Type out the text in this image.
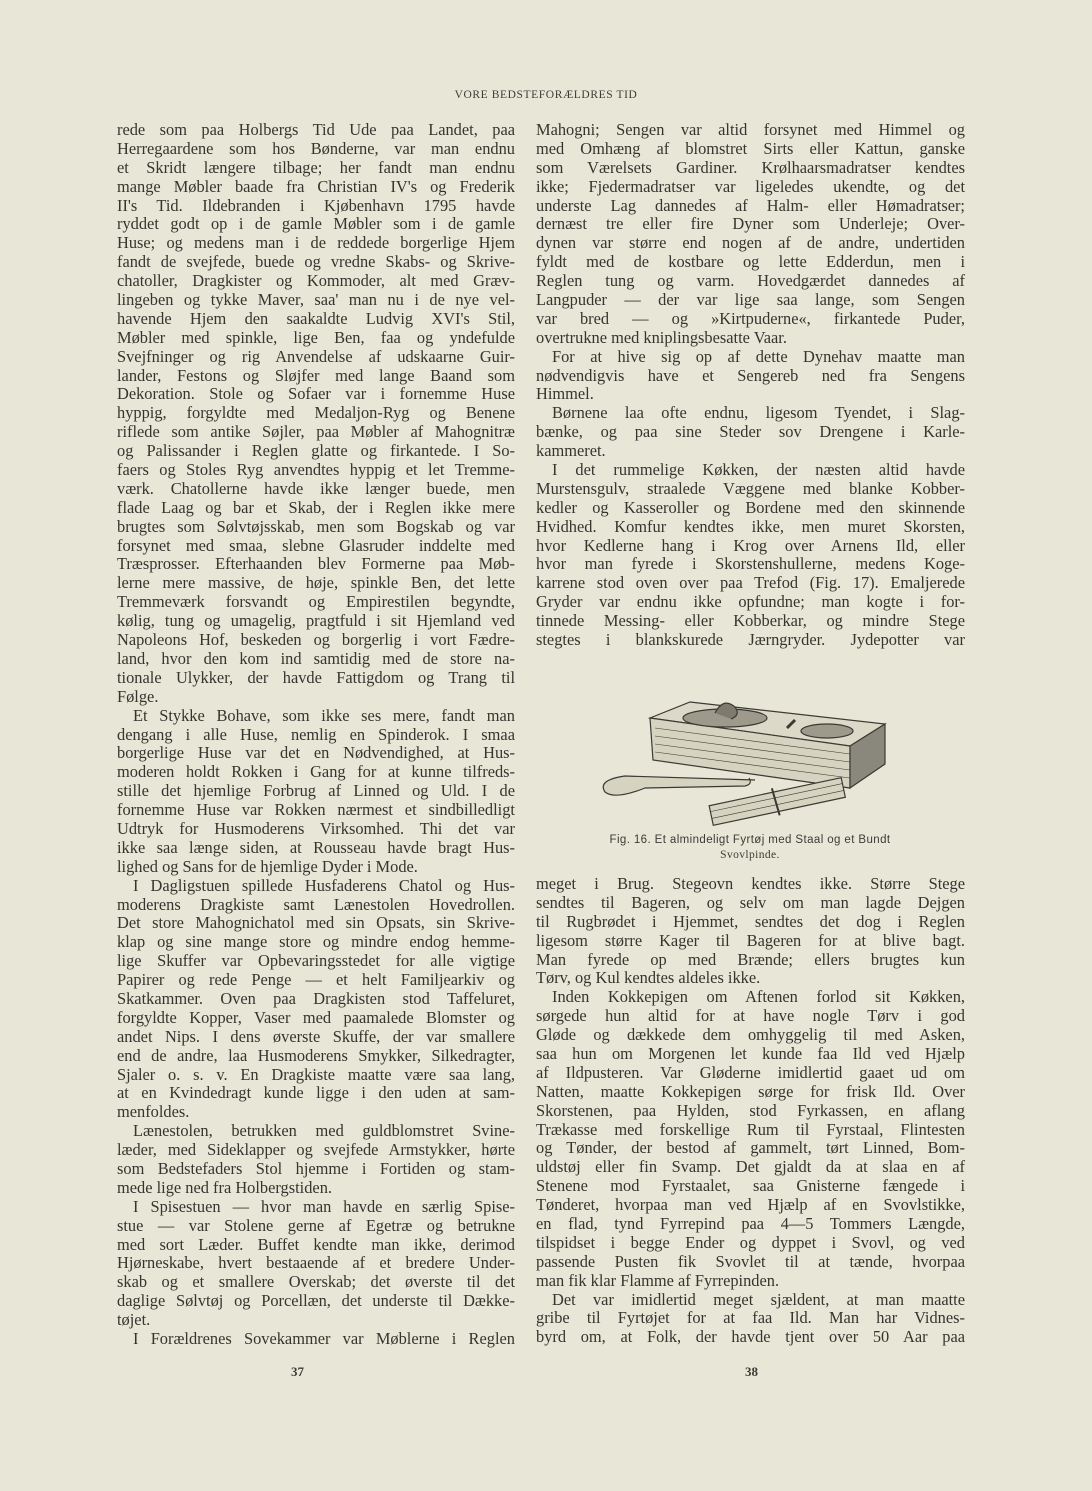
VORE BEDSTEFORÆLDRES TID
rede som paa Holbergs Tid Ude paa Landet, paa
Herregaardene som hos Bønderne, var man endnu
et Skridt længere tilbage; her fandt man endnu
mange Møbler baade fra Christian IV's og Frederik
II's Tid. Ildebranden i Kjøbenhavn 1795 havde
ryddet godt op i de gamle Møbler som i de gamle
Huse; og medens man i de reddede borgerlige Hjem
fandt de svejfede, buede og vredne Skabs- og Skrive-
chatoller, Dragkister og Kommoder, alt med Græv-
lingeben og tykke Maver, saa' man nu i de nye vel-
havende Hjem den saakaldte Ludvig XVI's Stil,
Møbler med spinkle, lige Ben, faa og yndefulde
Svejfninger og rig Anvendelse af udskaarne Guir-
lander, Festons og Sløjfer med lange Baand som
Dekoration. Stole og Sofaer var i fornemme Huse
hyppig, forgyldte med Medaljon-Ryg og Benene
riflede som antike Søjler, paa Møbler af Mahognitræ
og Palissander i Reglen glatte og firkantede. I So-
faers og Stoles Ryg anvendtes hyppig et let Tremme-
værk. Chatollerne havde ikke længer buede, men
flade Laag og bar et Skab, der i Reglen ikke mere
brugtes som Sølvtøjsskab, men som Bogskab og var
forsynet med smaa, slebne Glasruder inddelte med
Træsprosser. Efterhaanden blev Formerne paa Møb-
lerne mere massive, de høje, spinkle Ben, det lette
Tremmeværk forsvandt og Empirestilen begyndte,
kølig, tung og umagelig, pragtfuld i sit Hjemland ved
Napoleons Hof, beskeden og borgerlig i vort Fædre-
land, hvor den kom ind samtidig med de store na-
tionale Ulykker, der havde Fattigdom og Trang til
Følge.
Et Stykke Bohave, som ikke ses mere, fandt man
dengang i alle Huse, nemlig en Spinderok. I smaa
borgerlige Huse var det en Nødvendighed, at Hus-
moderen holdt Rokken i Gang for at kunne tilfreds-
stille det hjemlige Forbrug af Linned og Uld. I de
fornemme Huse var Rokken nærmest et sindbilledligt
Udtryk for Husmoderens Virksomhed. Thi det var
ikke saa længe siden, at Rousseau havde bragt Hus-
lighed og Sans for de hjemlige Dyder i Mode.
I Dagligstuen spillede Husfaderens Chatol og Hus-
moderens Dragkiste samt Lænestolen Hovedrollen.
Det store Mahognichatol med sin Opsats, sin Skrive-
klap og sine mange store og mindre endog hemme-
lige Skuffer var Opbevaringsstedet for alle vigtige
Papirer og rede Penge — et helt Familjearkiv og
Skatkammer. Oven paa Dragkisten stod Taffeluret,
forgyldte Kopper, Vaser med paamalede Blomster og
andet Nips. I dens øverste Skuffe, der var smallere
end de andre, laa Husmoderens Smykker, Silkedragter,
Sjaler o. s. v. En Dragkiste maatte være saa lang,
at en Kvindedragt kunde ligge i den uden at sam-
menfoldes.
Lænestolen, betrukken med guldblomstret Svine-
læder, med Sideklapper og svejfede Armstykker, hørte
som Bedstefaders Stol hjemme i Fortiden og stam-
mede lige ned fra Holbergstiden.
I Spisestuen — hvor man havde en særlig Spise-
stue — var Stolene gerne af Egetræ og betrukne
med sort Læder. Buffet kendte man ikke, derimod
Hjørneskabe, hvert bestaaende af et bredere Under-
skab og et smallere Overskab; det øverste til det
daglige Sølvtøj og Porcellæn, det underste til Dække-
tøjet.
I Forældrenes Sovekammer var Møblerne i Reglen
Mahogni; Sengen var altid forsynet med Himmel og
med Omhæng af blomstret Sirts eller Kattun, ganske
som Værelsets Gardiner. Krølhaarsmadratser kendtes
ikke; Fjedermadratser var ligeledes ukendte, og det
underste Lag dannedes af Halm- eller Hømadratser;
dernæst tre eller fire Dyner som Underleje; Over-
dynen var større end nogen af de andre, undertiden
fyldt med de kostbare og lette Edderdun, men i
Reglen tung og varm. Hovedgærdet dannedes af
Langpuder — der var lige saa lange, som Sengen
var bred — og »Kirtpuderne«, firkantede Puder,
overtrukne med kniplingsbesatte Vaar.
For at hive sig op af dette Dynehav maatte man
nødvendigvis have et Sengereb ned fra Sengens
Himmel.
Børnene laa ofte endnu, ligesom Tyendet, i Slag-
bænke, og paa sine Steder sov Drengene i Karle-
kammeret.
I det rummelige Køkken, der næsten altid havde
Murstensgulv, straalede Væggene med blanke Kobber-
kedler og Kasseroller og Bordene med den skinnende
Hvidhed. Komfur kendtes ikke, men muret Skorsten,
hvor Kedlerne hang i Krog over Arnens Ild, eller
hvor man fyrede i Skorstenshullerne, medens Koge-
karrene stod oven over paa Trefod (Fig. 17). Emaljerede
Gryder var endnu ikke opfundne; man kogte i for-
tinnede Messing- eller Kobberkar, og mindre Stege
stegtes i blankskurede Jærngryder. Jydepotter var
Fig. 16. Et almindeligt Fyrtøj med Staal og et Bundt
Svovlpinde.
meget i Brug. Stegeovn kendtes ikke. Større Stege
sendtes til Bageren, og selv om man lagde Dejgen
til Rugbrødet i Hjemmet, sendtes det dog i Reglen
ligesom større Kager til Bageren for at blive bagt.
Man fyrede op med Brænde; ellers brugtes kun
Tørv, og Kul kendtes aldeles ikke.
Inden Kokkepigen om Aftenen forlod sit Køkken,
sørgede hun altid for at have nogle Tørv i god
Gløde og dækkede dem omhyggelig til med Asken,
saa hun om Morgenen let kunde faa Ild ved Hjælp
af Ildpusteren. Var Gløderne imidlertid gaaet ud om
Natten, maatte Kokkepigen sørge for frisk Ild. Over
Skorstenen, paa Hylden, stod Fyrkassen, en aflang
Trækasse med forskellige Rum til Fyrstaal, Flintesten
og Tønder, der bestod af gammelt, tørt Linned, Bom-
uldstøj eller fin Svamp. Det gjaldt da at slaa en af
Stenene mod Fyrstaalet, saa Gnisterne fængede i
Tønderet, hvorpaa man ved Hjælp af en Svovlstikke,
en flad, tynd Fyrrepind paa 4—5 Tommers Længde,
tilspidset i begge Ender og dyppet i Svovl, og ved
passende Pusten fik Svovlet til at tænde, hvorpaa
man fik klar Flamme af Fyrrepinden.
Det var imidlertid meget sjældent, at man maatte
gribe til Fyrtøjet for at faa Ild. Man har Vidnes-
byrd om, at Folk, der havde tjent over 50 Aar paa
37	38
